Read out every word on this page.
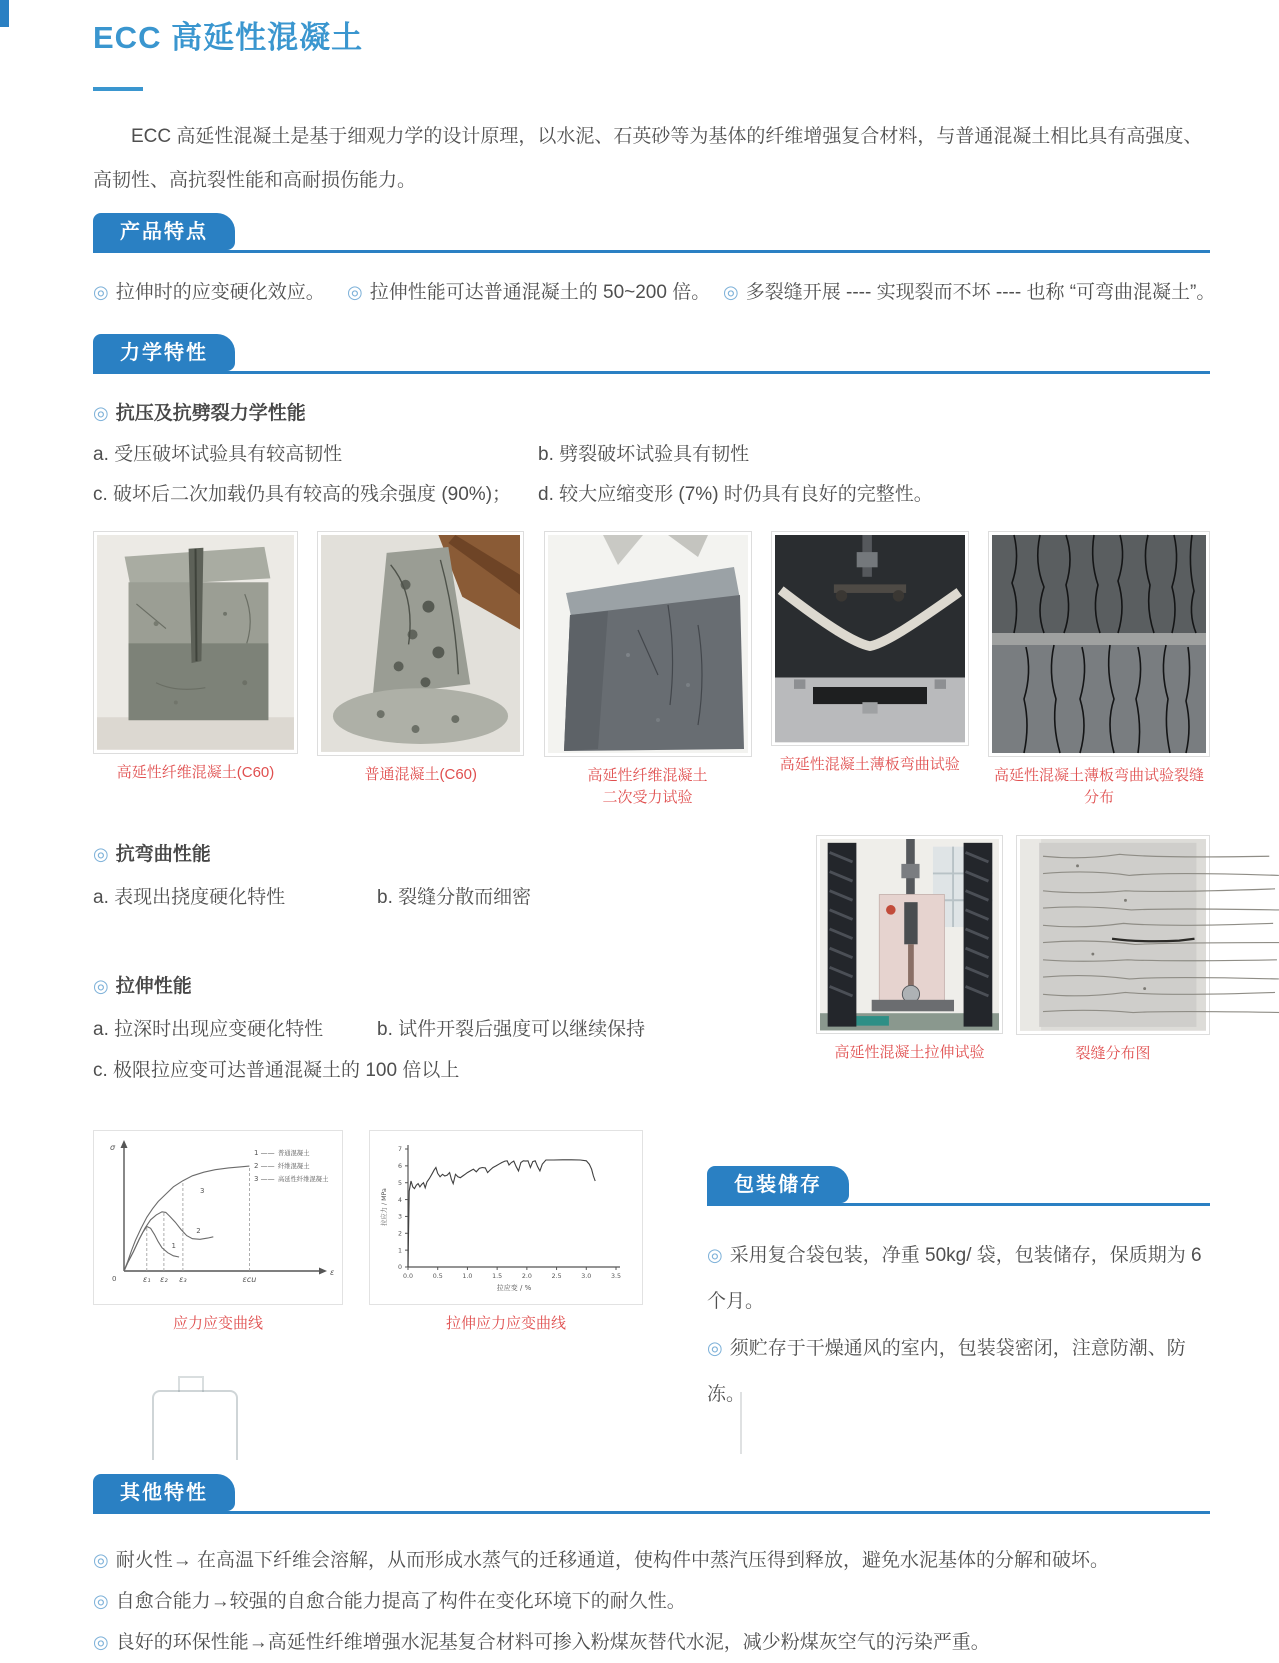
ECC 高延性混凝土

ECC 高延性混凝土是基于细观力学的设计原理，以水泥、石英砂等为基体的纤维增强复合材料，与普通混凝土相比具有高强度、高韧性、高抗裂性能和高耐损伤能力。

产品特点
◎ 拉伸时的应变硬化效应。	◎ 拉伸性能可达普通混凝土的 50~200 倍。 ◎ 多裂缝开展 ---- 实现裂而不坏 ---- 也称 “可弯曲混凝土”。
力学特性
◎ 抗压及抗劈裂力学性能
a. 受压破坏试验具有较高韧性	b. 劈裂破坏试验具有韧性
c. 破坏后二次加载仍具有较高的残余强度 (90%)；	d. 较大应缩变形 (7%) 时仍具有良好的完整性。
高延性纤维混凝土(C60)	普通混凝土(C60)	高延性纤维混凝土
二次受力试验
高延性混凝土薄板弯曲试验
高延性混凝土薄板弯曲试验裂缝分布
◎ 抗弯曲性能
a. 表现出挠度硬化特性	b. 裂缝分散而细密
◎ 拉伸性能
a. 拉深时出现应变硬化特性	b. 试件开裂后强度可以继续保持
c. 极限拉应变可达普通混凝土的 100 倍以上
高延性混凝土拉伸试验	裂缝分布图
σ
ε
0	ε₁ ε₂ ε₃	εcu
1
2
3
1 —— 普通混凝土
2 —— 纤维混凝土
3 —— 高延性纤维混凝土
应力应变曲线
0
1
2
3
4
5
6
7
0.0	0.5	1.0	1.5	2.0	2.5	3.0	3.5
拉应力 / MPa
拉应变 / %
拉伸应力应变曲线
包装储存
◎ 采用复合袋包装，净重 50kg/ 袋，包装储存，保质期为 6 个月。
◎ 须贮存于干燥通风的室内，包装袋密闭，注意防潮、防冻。
其他特性
◎ 耐火性→ 在高温下纤维会溶解，从而形成水蒸气的迁移通道，使构件中蒸汽压得到释放，避免水泥基体的分解和破坏。
◎ 自愈合能力→较强的自愈合能力提高了构件在变化环境下的耐久性。
◎ 良好的环保性能→高延性纤维增强水泥基复合材料可掺入粉煤灰替代水泥，减少粉煤灰空气的污染严重。
